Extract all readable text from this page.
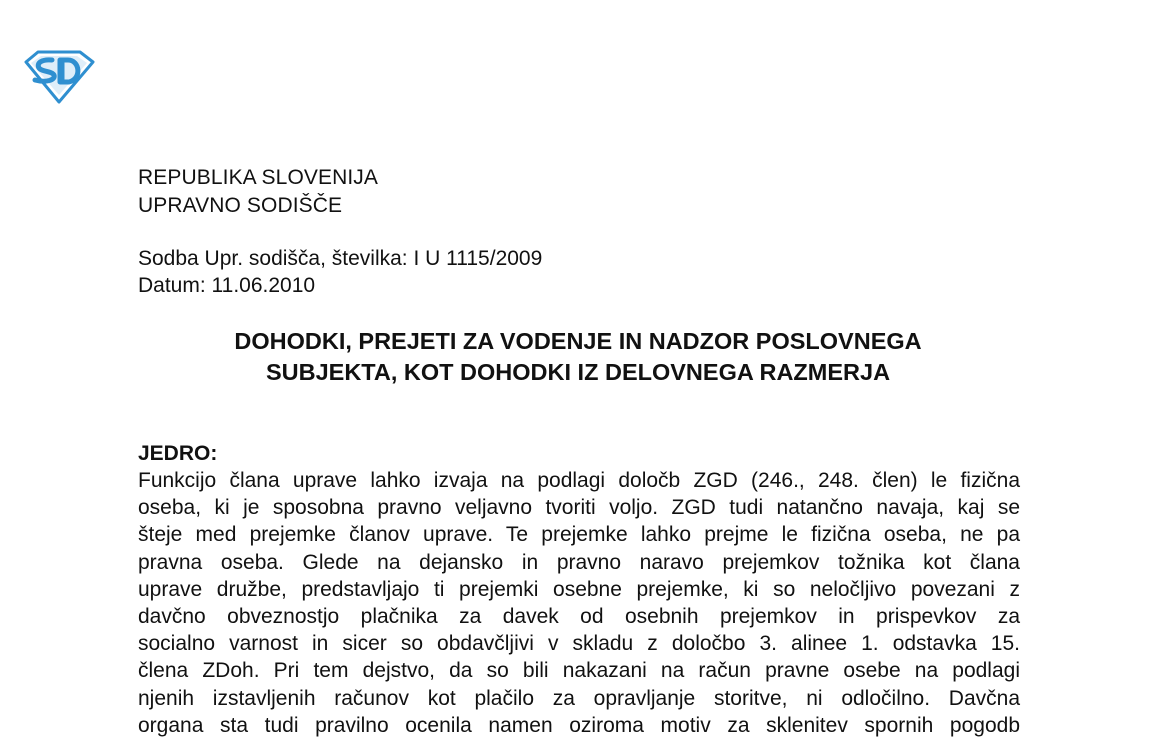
REPUBLIKA SLOVENIJA
UPRAVNO SODIŠČE
Sodba Upr. sodišča, številka: I U 1115/2009
Datum: 11.06.2010
DOHODKI, PREJETI ZA VODENJE IN NADZOR POSLOVNEGA
SUBJEKTA, KOT DOHODKI IZ DELOVNEGA RAZMERJA
JEDRO:
Funkcijo člana uprave lahko izvaja na podlagi določb ZGD (246., 248. člen) le fizična
oseba, ki je sposobna pravno veljavno tvoriti voljo. ZGD tudi natančno navaja, kaj se
šteje med prejemke članov uprave. Te prejemke lahko prejme le fizična oseba, ne pa
pravna oseba. Glede na dejansko in pravno naravo prejemkov tožnika kot člana
uprave družbe, predstavljajo ti prejemki osebne prejemke, ki so neločljivo povezani z
davčno obveznostjo plačnika za davek od osebnih prejemkov in prispevkov za
socialno varnost in sicer so obdavčljivi v skladu z določbo 3. alinee 1. odstavka 15.
člena ZDoh. Pri tem dejstvo, da so bili nakazani na račun pravne osebe na podlagi
njenih izstavljenih računov kot plačilo za opravljanje storitve, ni odločilno. Davčna
organa sta tudi pravilno ocenila namen oziroma motiv za sklenitev spornih pogodb
